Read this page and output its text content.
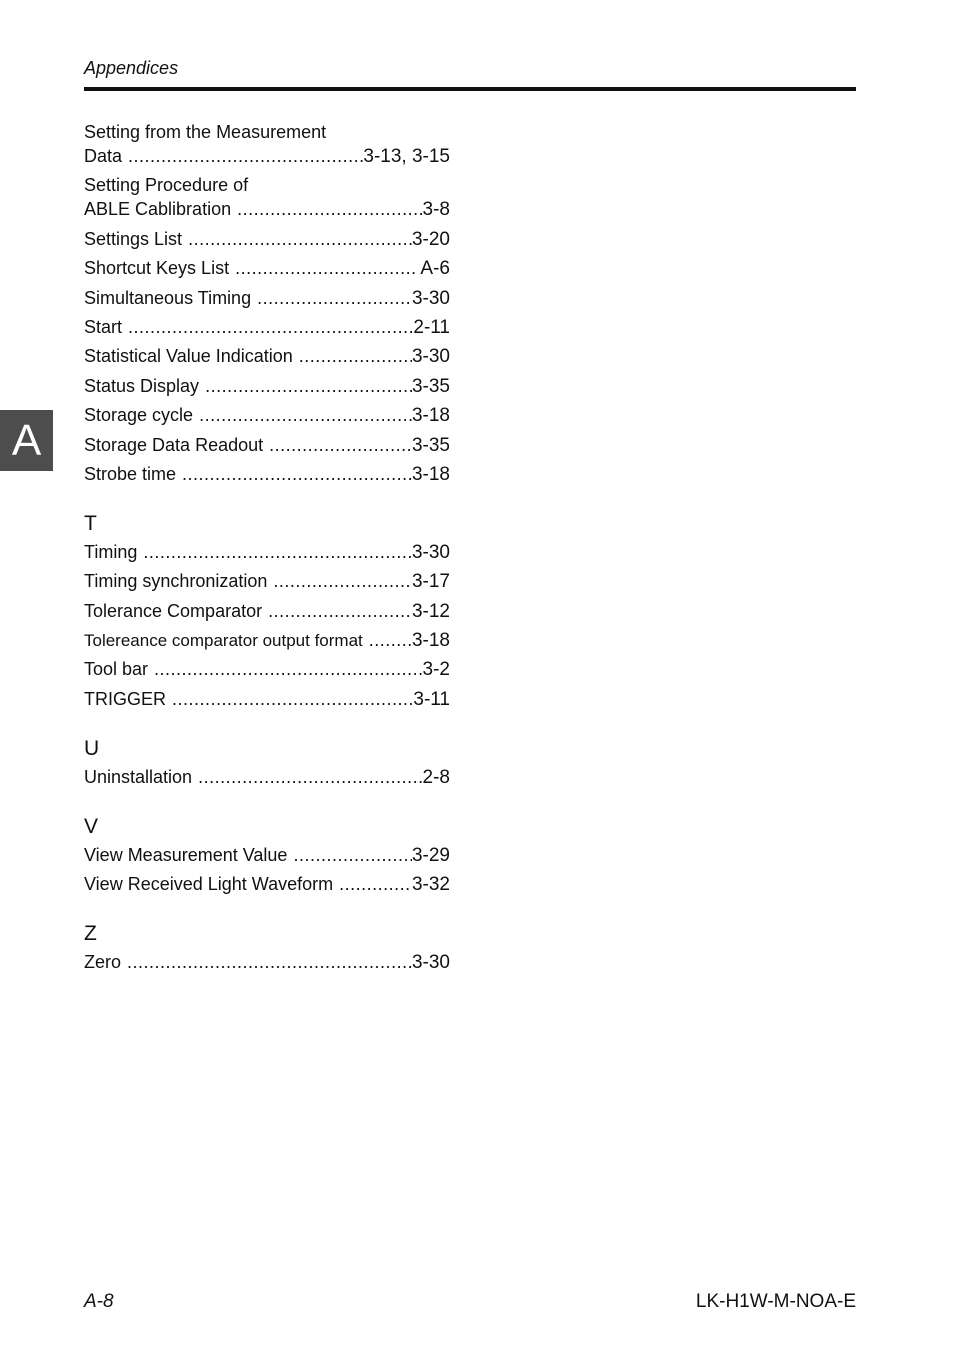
Appendices
A
Setting from the Measurement
Data .....	3-13, 3-15
Setting Procedure of
ABLE Cablibration .....	3-8
Settings List .....	3-20
Shortcut Keys List .....	A-6
Simultaneous Timing .....	3-30
Start .....	2-11
Statistical Value Indication .....	3-30
Status Display .....	3-35
Storage cycle .....	3-18
Storage Data Readout .....	3-35
Strobe time .....	3-18
T
Timing .....	3-30
Timing synchronization .....	3-17
Tolerance Comparator .....	3-12
Tolereance comparator output format .....	3-18
Tool bar .....	3-2
TRIGGER .....	3-11
U
Uninstallation .....	2-8
V
View Measurement Value .....	3-29
View Received Light Waveform .....	3-32
Z
Zero .....	3-30
A-8	LK-H1W-M-NOA-E
